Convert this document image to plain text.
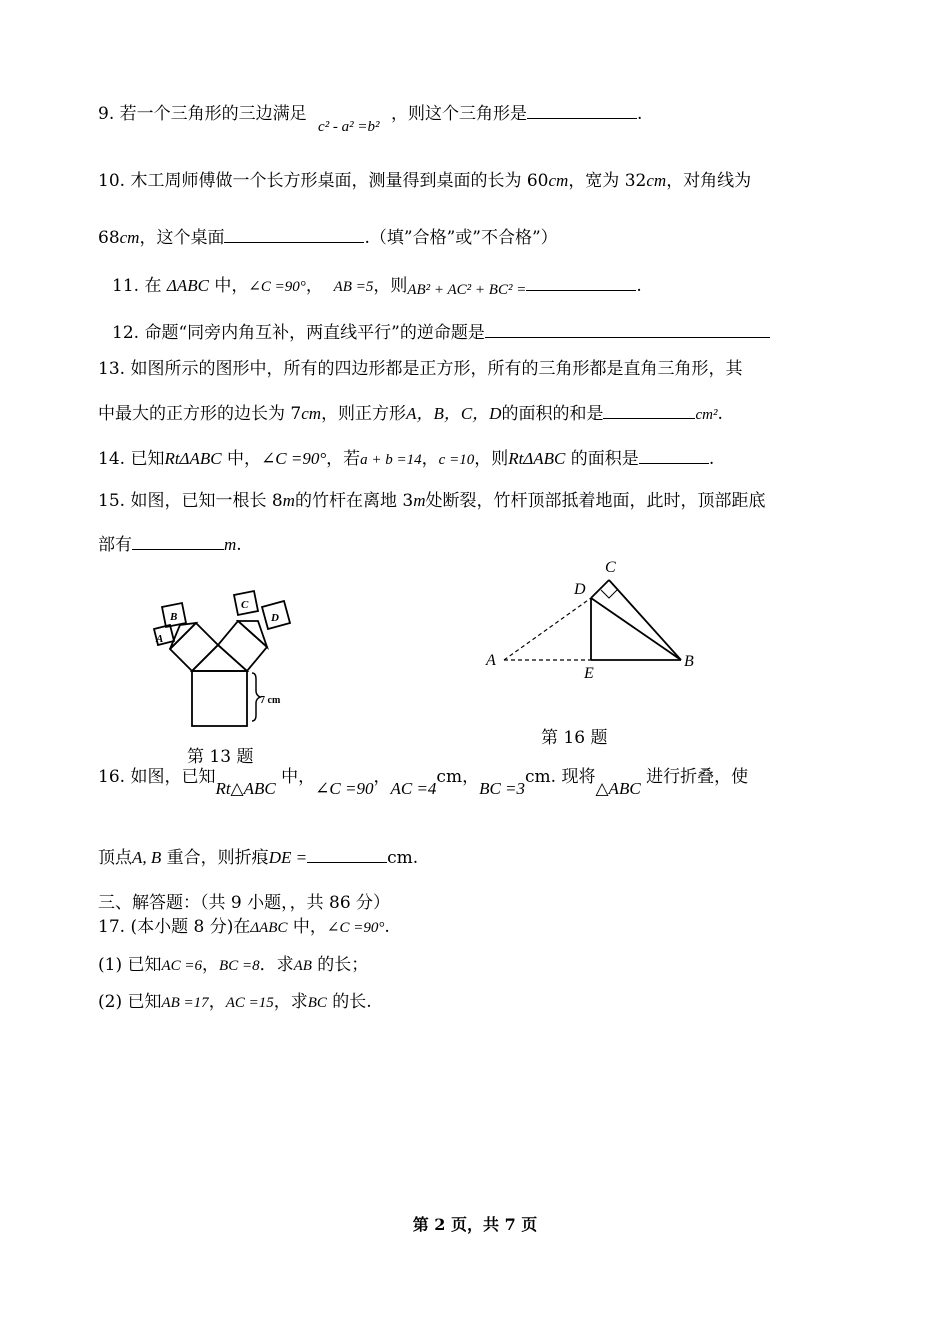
9. 若一个三角形的三边满足 c² - a² =b² ，则这个三角形是	.
10. 木工周师傅做一个长方形桌面，测量得到桌面的长为 60cm，宽为 32cm，对角线为
68cm，这个桌面	.（填”合格”或”不合格”）
11. 在 ΔABC 中，∠C =90°， AB =5，则AB² + AC² + BC² =	.
12. 命题“同旁内角互补，两直线平行”的逆命题是
13. 如图所示的图形中，所有的四边形都是正方形，所有的三角形都是直角三角形，其
中最大的正方形的边长为 7cm，则正方形A，B，C，D的面积的和是	cm².
14. 已知RtΔABC 中，∠C =90°，若a + b =14，c =10，则RtΔABC 的面积是	.
15. 如图，已知一根长 8m的竹杆在离地 3m处断裂，竹杆顶部抵着地面，此时，顶部距底
部有	m.
A
B
C
D
7 cm
第 13 题
C
D
A
E
B
第 16 题
16. 如图，已知Rt△ABC 中，∠C =90，AC =4cm，BC =3cm. 现将△ABC 进行折叠，使
顶点A, B 重合，则折痕DE =	cm.
三、解答题：（共 9 小题，，共 86 分）
17. (本小题 8 分)在ΔABC 中，∠C =90°.
(1) 已知AC =6，BC =8．求AB 的长；
(2) 已知AB =17，AC =15，求BC 的长.
第 2 页，共 7 页
